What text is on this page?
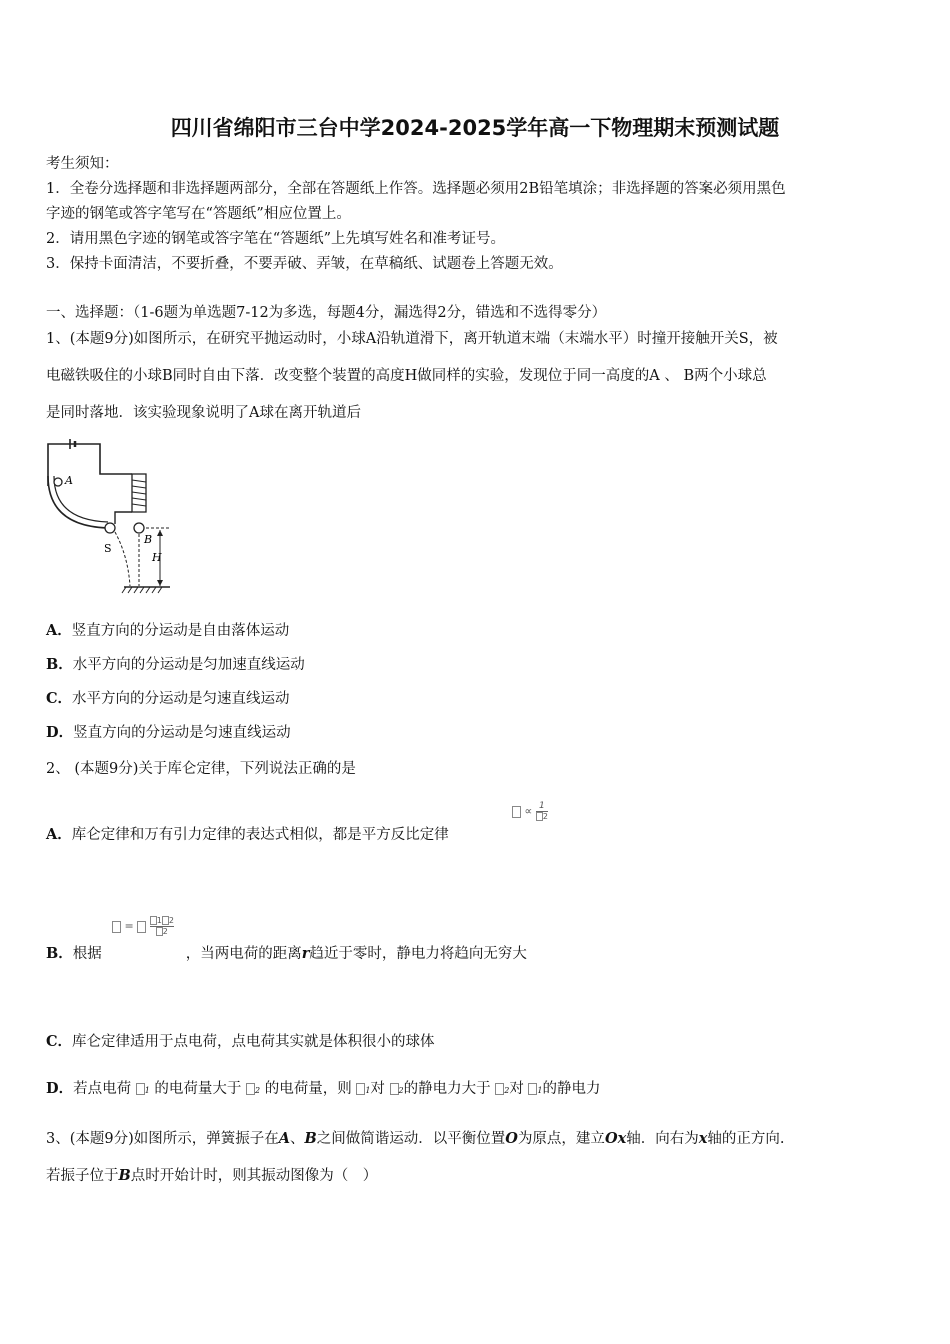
四川省绵阳市三台中学2024-2025学年高一下物理期末预测试题
考生须知：
1．全卷分选择题和非选择题两部分，全部在答题纸上作答。选择题必须用2B铅笔填涂；非选择题的答案必须用黑色
字迹的钢笔或答字笔写在“答题纸”相应位置上。
2．请用黑色字迹的钢笔或答字笔在“答题纸”上先填写姓名和准考证号。
3．保持卡面清洁，不要折叠，不要弄破、弄皱，在草稿纸、试题卷上答题无效。
一、选择题：（1-6题为单选题7-12为多选，每题4分，漏选得2分，错选和不选得零分）
1、(本题9分)如图所示，在研究平抛运动时，小球A沿轨道滑下，离开轨道末端（末端水平）时撞开接触开关S，被
电磁铁吸住的小球B同时自由下落．改变整个装置的高度H做同样的实验，发现位于同一高度的A 、 B两个小球总
是同时落地．该实验现象说明了A球在离开轨道后
A
B
S
H
A．竖直方向的分运动是自由落体运动
B．水平方向的分运动是匀加速直线运动
C．水平方向的分运动是匀速直线运动
D．竖直方向的分运动是匀速直线运动
2、 (本题9分)关于库仑定律，下列说法正确的是
∝ $\frac{1}{2}$
A．库仑定律和万有引力定律的表达式相似，都是平方反比定律
= $\frac{1 2}{2}$
B．根据	，当两电荷的距离r趋近于零时，静电力将趋向无穷大
C．库仑定律适用于点电荷，点电荷其实就是体积很小的球体
D．若点电荷 1 的电荷量大于 2 的电荷量，则 1对 2的静电力大于 2对 1的静电力
3、(本题9分)如图所示，弹簧振子在A、B之间做简谐运动．以平衡位置O为原点，建立Ox轴．向右为x轴的正方向.
若振子位于B点时开始计时，则其振动图像为（　）
